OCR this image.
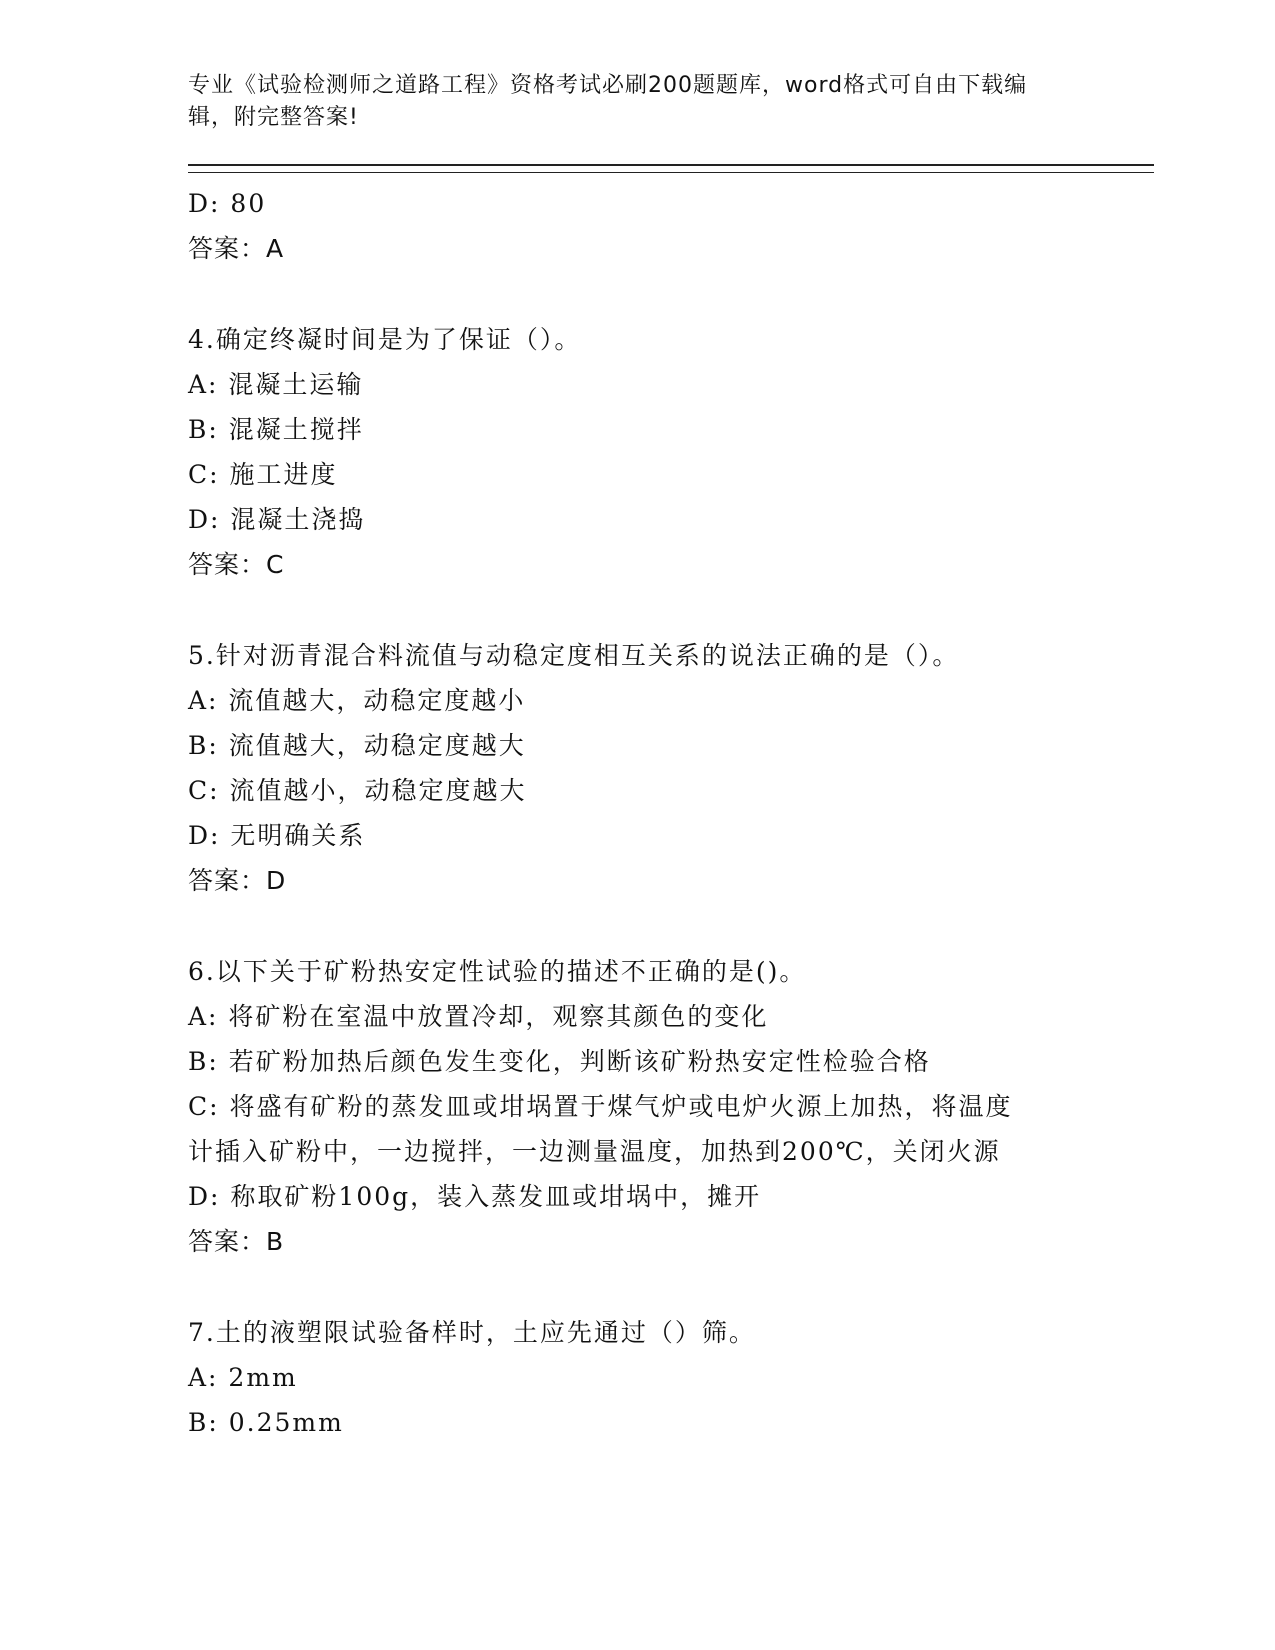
专业《试验检测师之道路工程》资格考试必刷200题题库，word格式可自由下载编辑，附完整答案!
D: 80
答案：A
4.确定终凝时间是为了保证（）。
A: 混凝土运输
B: 混凝土搅拌
C: 施工进度
D: 混凝土浇捣
答案：C
5.针对沥青混合料流值与动稳定度相互关系的说法正确的是（）。
A: 流值越大，动稳定度越小
B: 流值越大，动稳定度越大
C: 流值越小，动稳定度越大
D: 无明确关系
答案：D
6.以下关于矿粉热安定性试验的描述不正确的是()。
A: 将矿粉在室温中放置冷却，观察其颜色的变化
B: 若矿粉加热后颜色发生变化，判断该矿粉热安定性检验合格
C: 将盛有矿粉的蒸发皿或坩埚置于煤气炉或电炉火源上加热，将温度
计插入矿粉中，一边搅拌，一边测量温度，加热到200℃，关闭火源
D: 称取矿粉100g，装入蒸发皿或坩埚中，摊开
答案：B
7.土的液塑限试验备样时，土应先通过（）筛。
A: 2mm
B: 0.25mm
